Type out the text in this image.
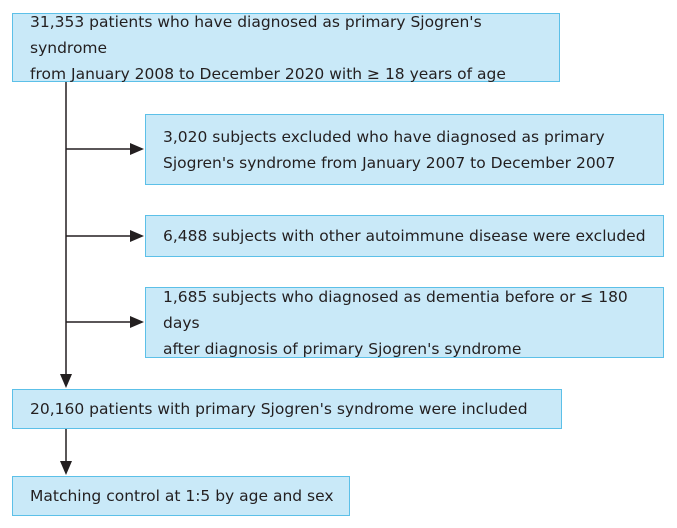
31,353 patients who have diagnosed as primary Sjogren's syndrome
from January 2008 to December 2020 with ≥ 18 years of age
3,020 subjects excluded who have diagnosed as primary
Sjogren's syndrome from January 2007 to December 2007
6,488 subjects with other autoimmune disease were excluded
1,685 subjects who diagnosed as dementia before or ≤ 180 days
after diagnosis of primary Sjogren's syndrome
20,160 patients with primary Sjogren's syndrome were included
Matching control at 1:5 by age and sex
